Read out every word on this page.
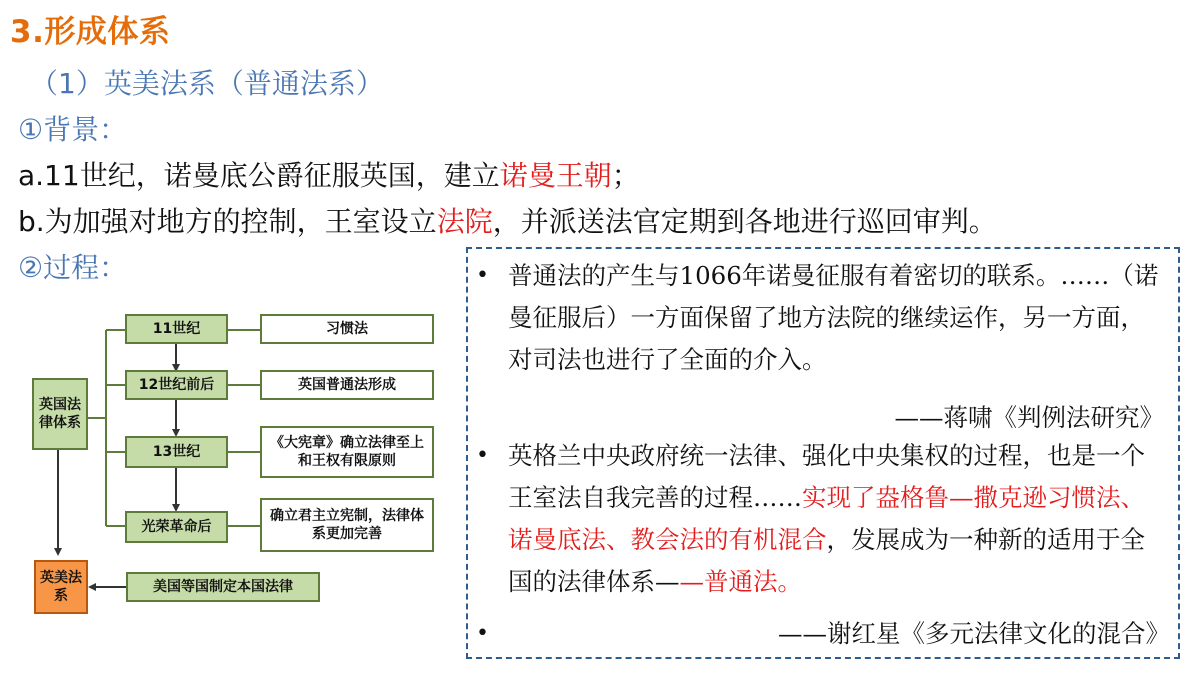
3.形成体系
（1）英美法系（普通法系）
①背景：
a.11世纪，诺曼底公爵征服英国，建立诺曼王朝；
b.为加强对地方的控制，王室设立法院，并派送法官定期到各地进行巡回审判。
②过程：
英国法律体系
11世纪	习惯法
12世纪前后	英国普通法形成
13世纪
《大宪章》确立法律至上和王权有限原则
光荣革命后
确立君主立宪制，法律体系更加完善
英美法系
美国等国制定本国法律
• 普通法的产生与1066年诺曼征服有着密切的联系。……（诺曼征服后）一方面保留了地方法院的继续运作，另一方面，对司法也进行了全面的介入。
——蒋啸《判例法研究》
• 英格兰中央政府统一法律、强化中央集权的过程，也是一个王室法自我完善的过程……实现了盎格鲁—撒克逊习惯法、诺曼底法、教会法的有机混合，发展成为一种新的适用于全国的法律体系——普通法。
•	——谢红星《多元法律文化的混合》
